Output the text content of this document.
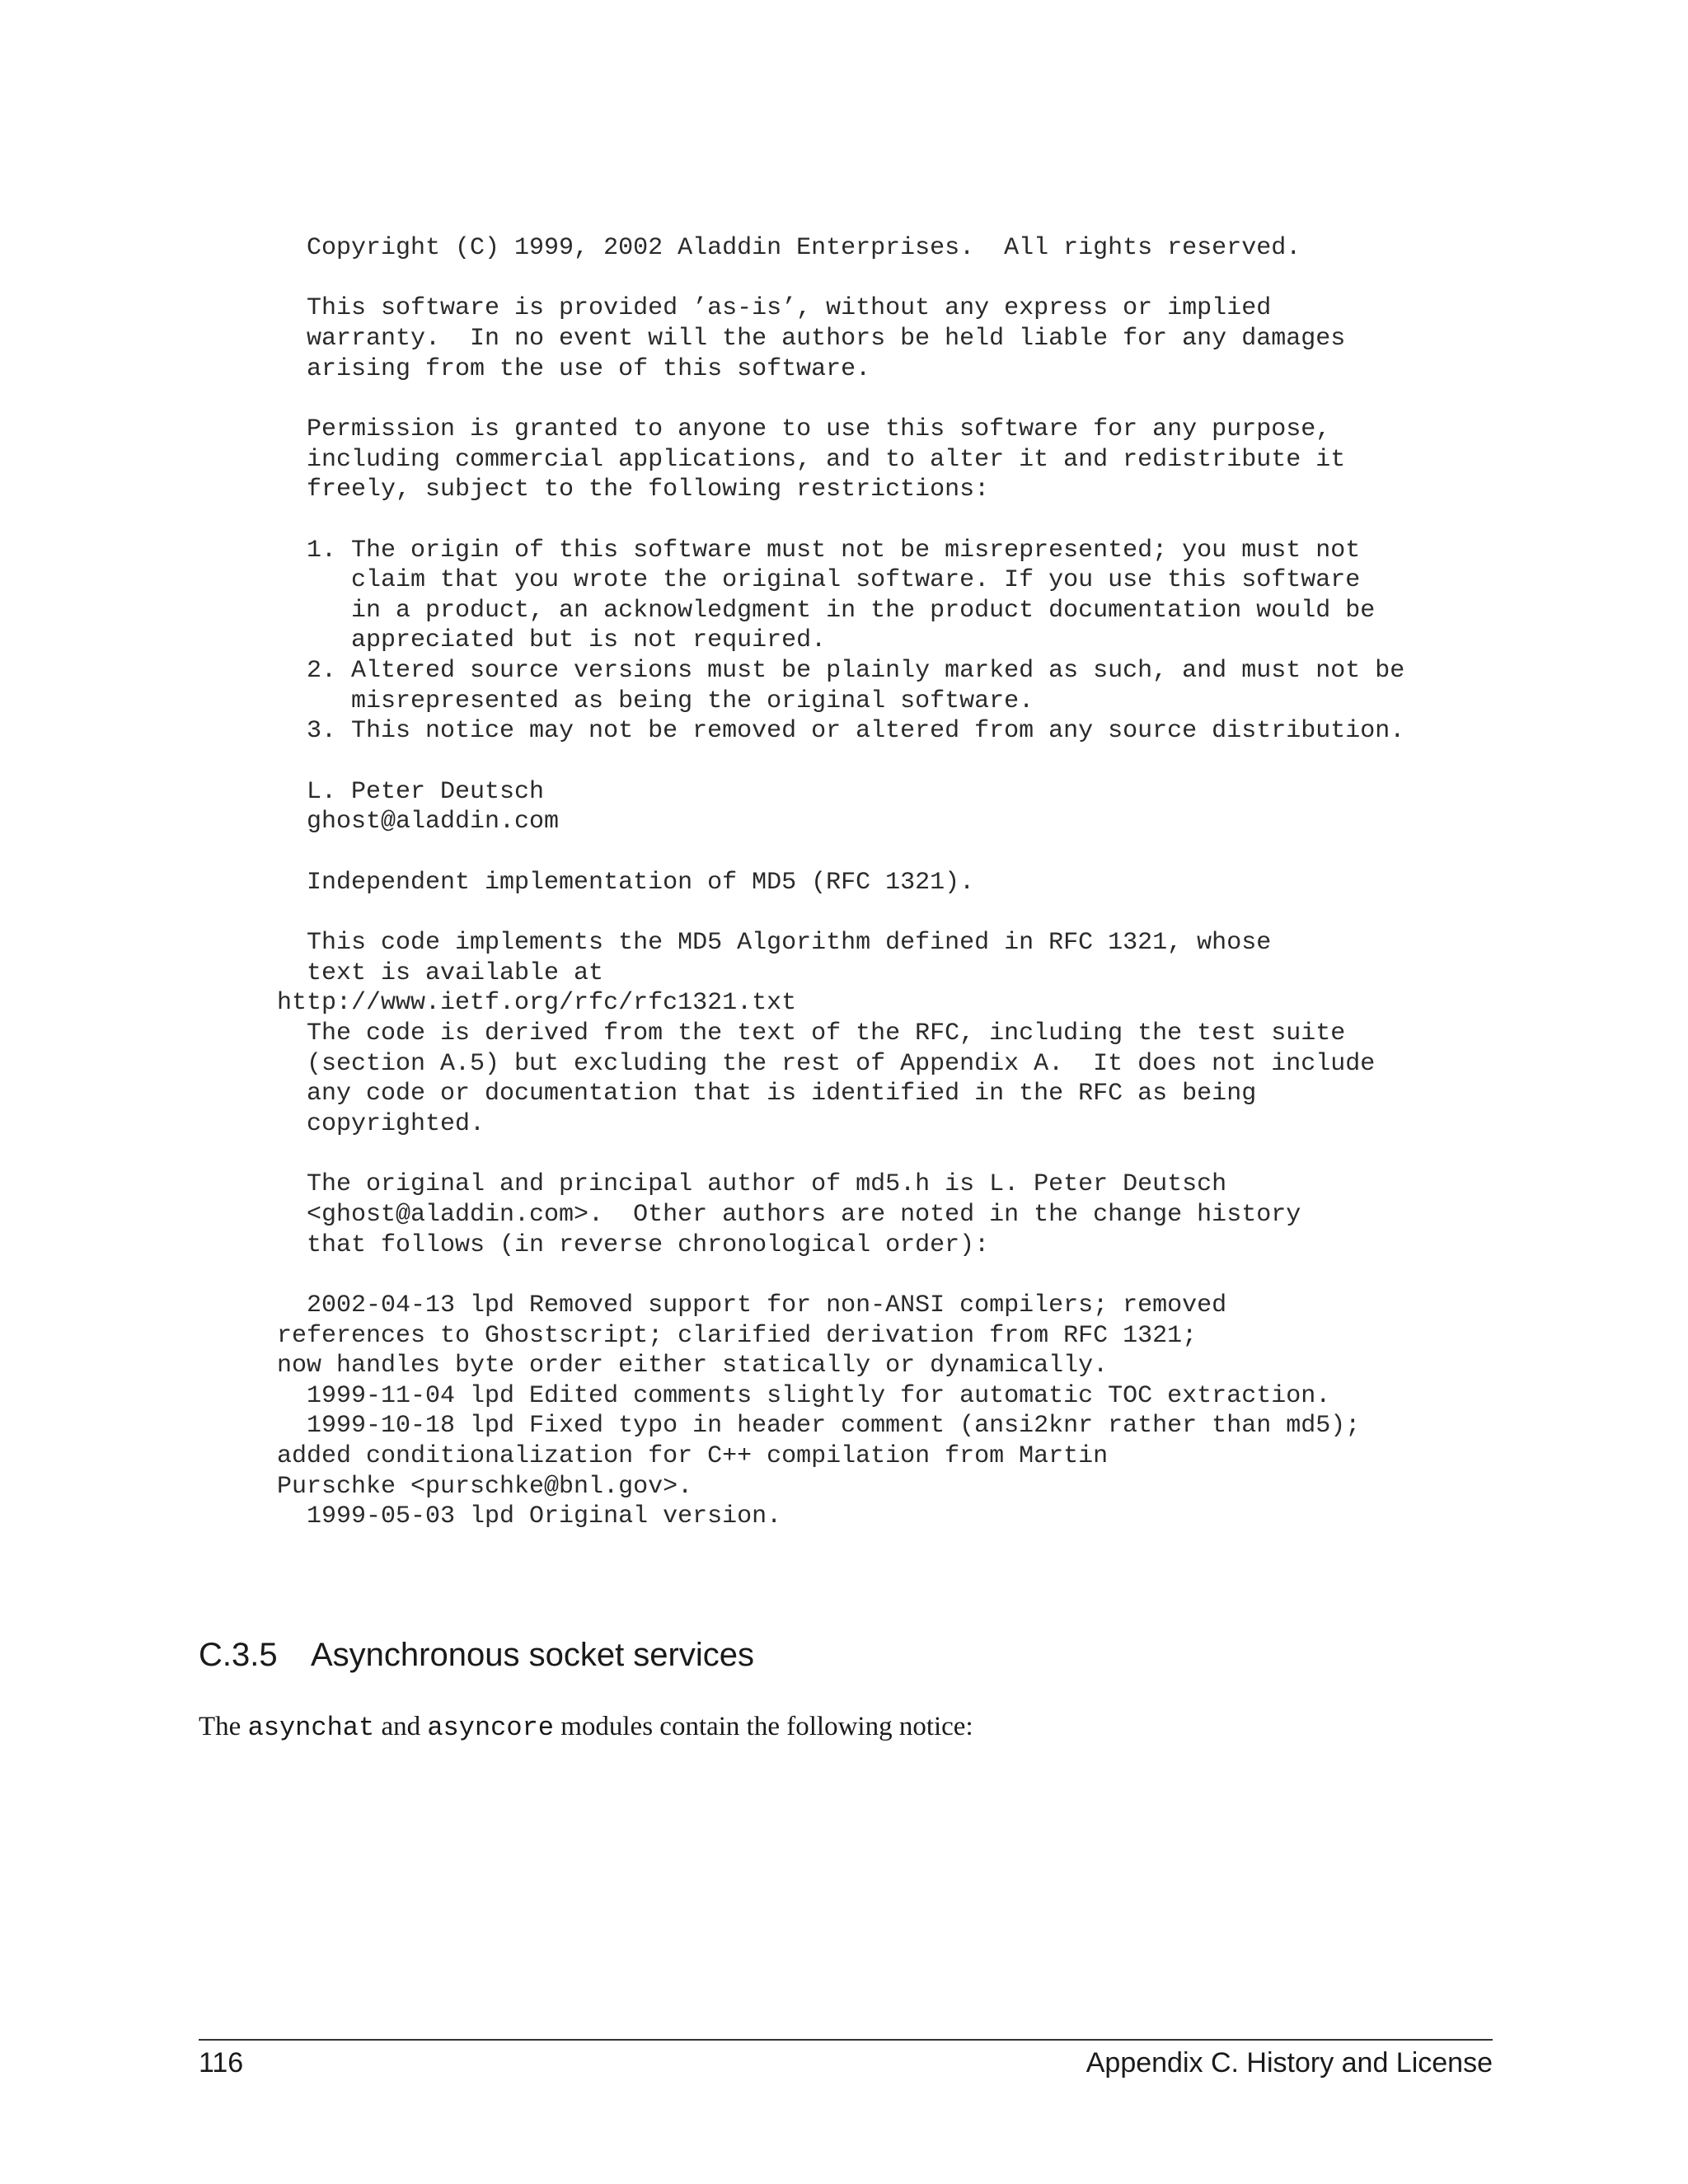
Copyright (C) 1999, 2002 Aladdin Enterprises.  All rights reserved.
This software is provided ’as-is’, without any express or implied
warranty.  In no event will the authors be held liable for any damages
arising from the use of this software.
Permission is granted to anyone to use this software for any purpose,
including commercial applications, and to alter it and redistribute it
freely, subject to the following restrictions:
1. The origin of this software must not be misrepresented; you must not
claim that you wrote the original software. If you use this software
in a product, an acknowledgment in the product documentation would be
appreciated but is not required.
2. Altered source versions must be plainly marked as such, and must not be
misrepresented as being the original software.
3. This notice may not be removed or altered from any source distribution.
L. Peter Deutsch
ghost@aladdin.com
Independent implementation of MD5 (RFC 1321).
This code implements the MD5 Algorithm defined in RFC 1321, whose
text is available at
http://www.ietf.org/rfc/rfc1321.txt
The code is derived from the text of the RFC, including the test suite
(section A.5) but excluding the rest of Appendix A.  It does not include
any code or documentation that is identified in the RFC as being
copyrighted.
The original and principal author of md5.h is L. Peter Deutsch
<ghost@aladdin.com>.  Other authors are noted in the change history
that follows (in reverse chronological order):
2002-04-13 lpd Removed support for non-ANSI compilers; removed
references to Ghostscript; clarified derivation from RFC 1321;
now handles byte order either statically or dynamically.
1999-11-04 lpd Edited comments slightly for automatic TOC extraction.
1999-10-18 lpd Fixed typo in header comment (ansi2knr rather than md5);
added conditionalization for C++ compilation from Martin
Purschke <purschke@bnl.gov>.
1999-05-03 lpd Original version.
C.3.5 Asynchronous socket services

The asynchat and asyncore modules contain the following notice:

116	Appendix C. History and License
